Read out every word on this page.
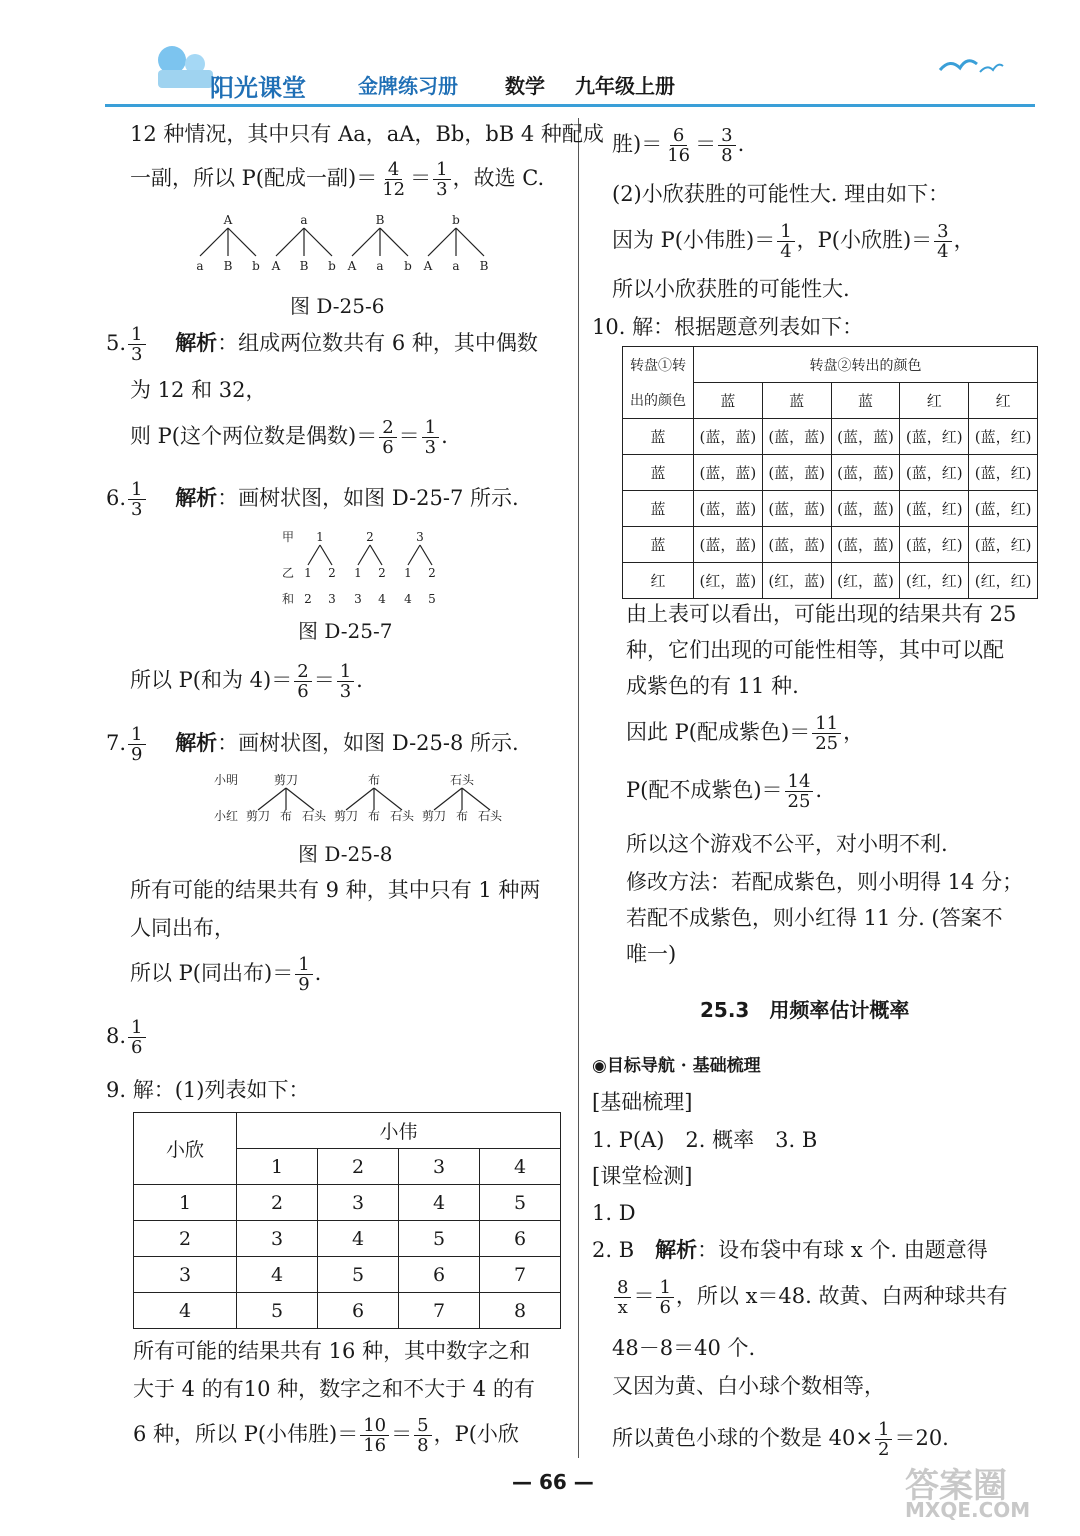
阳光课堂	金牌练习册 数学 九年级上册
12 种情况，其中只有 Aa，aA，Bb，bB 4 种配成
一副，所以 P(配成一副)＝ $\frac{4}{12} = \frac{1}{3}$ ，故选 C.
A
a B b
a
A B b
B
A a b
b
A a B
图 D-25-6
5. $\frac{1}{3}$
　 解析：组成两位数共有 6 种，其中偶数
为 12 和 32，
则 P(这个两位数是偶数)＝ $\frac{2}{6} = \frac{1}{3}$ .
6. $\frac{1}{3}$
　 解析：画树状图，如图 D-25-7 所示.
甲
乙
和
1
1
2
2
3
2
1
3
2
4
3
1
4
2
5
图 D-25-7
所以 P(和为 $4)= \frac{2}{6} = \frac{1}{3}$ .
7. $\frac{1}{9}$
　 解析：画树状图，如图 D-25-8 所示.
小明
小红
剪刀
剪刀 布 石头
布
剪刀 布 石头
石头
剪刀 布 石头
图 D-25-8
所有可能的结果共有 9 种，其中只有 1 种两
人同出布，
所以 P(同出布)＝ $\frac{1}{9}$ .
8. $\frac{1}{6}$
9. 解：(1)列表如下：
小欣	小伟			
	1	2	3	4
1	2	3	4	5
2	3	4	5	6
3	4	5	6	7
4	5	6	7	8
所有可能的结果共有 16 种，其中数字之和
大于 4 的有10 种，数字之和不大于 4 的有
6 种，所以 P(小伟胜)＝ $\frac{10}{16} = \frac{5}{8}$ ，P(小欣
胜)＝ $\frac{6}{16} = \frac{3}{8}$ .
(2)小欣获胜的可能性大. 理由如下：
因为 P(小伟胜)＝ $\frac{1}{4}$ ，P(小欣胜)＝ $\frac{3}{4}$ ，
所以小欣获胜的可能性大.
10. 解：根据题意列表如下：
转盘①转	转盘②转出的颜色				
出的颜色	蓝	蓝	蓝	红	红
蓝	(蓝，蓝)	(蓝，蓝)	(蓝，蓝)	(蓝，红)	(蓝，红)
蓝	(蓝，蓝)	(蓝，蓝)	(蓝，蓝)	(蓝，红)	(蓝，红)
蓝	(蓝，蓝)	(蓝，蓝)	(蓝，蓝)	(蓝，红)	(蓝，红)
蓝	(蓝，蓝)	(蓝，蓝)	(蓝，蓝)	(蓝，红)	(蓝，红)
红	(红，蓝)	(红，蓝)	(红，蓝)	(红，红)	(红，红)
由上表可以看出，可能出现的结果共有 25
种，它们出现的可能性相等，其中可以配
成紫色的有 11 种.
因此 P(配成紫色)＝ $\frac{11}{25}$ ，
P(配不成紫色)＝ $\frac{14}{25}$ .
所以这个游戏不公平，对小明不利.
修改方法：若配成紫色，则小明得 14 分；
若配不成紫色，则小红得 11 分. (答案不
唯一)
25.3　用频率估计概率
◉目标导航 · 基础梳理
[基础梳理]
1. P(A)　2. 概率　3. B
[课堂检测]
1. D
2. B　 解析：设布袋中有球 x 个. 由题意得
$\frac{8}{x} = \frac{1}{6}$ ，所以 x＝48. 故黄、白两种球共有
48－8＝40 个.
又因为黄、白小球个数相等，
所以黄色小球的个数是 $40\times \frac{1}{2} =20$.
— 66 —	答案圈
MXQE.COM
